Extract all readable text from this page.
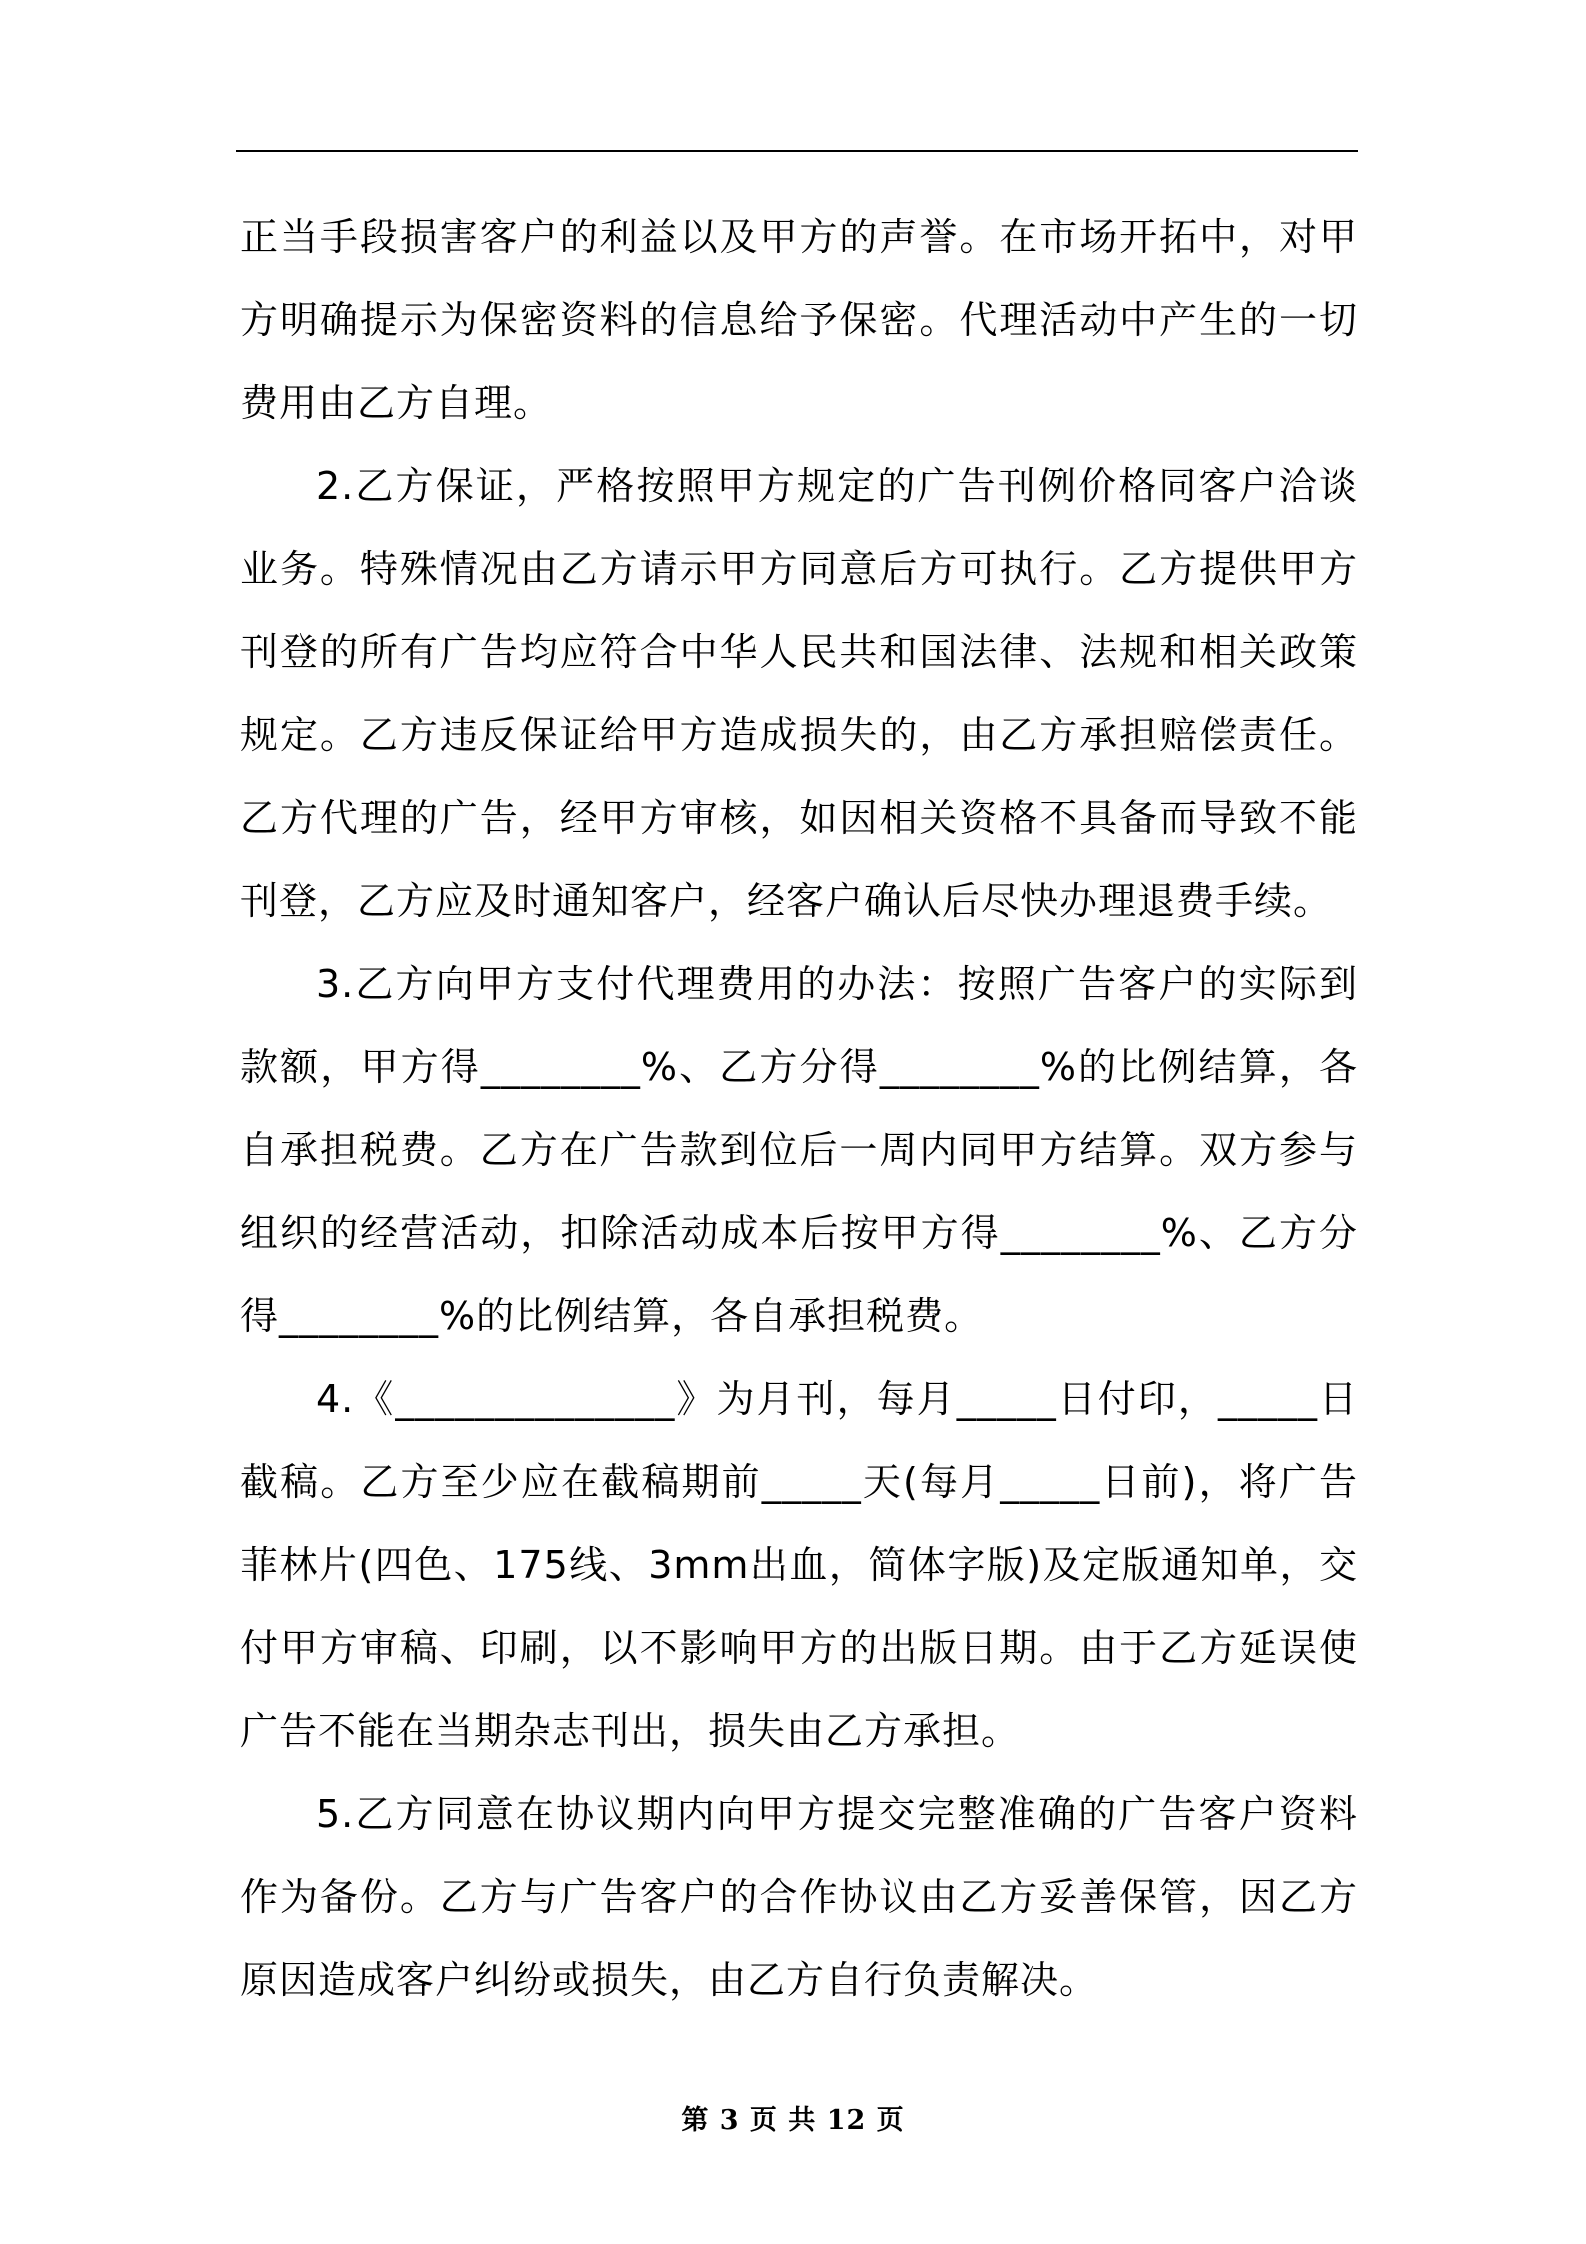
正当手段损害客户的利益以及甲方的声誉。在市场开拓中，对甲方明确提示为保密资料的信息给予保密。代理活动中产生的一切费用由乙方自理。

2.乙方保证，严格按照甲方规定的广告刊例价格同客户洽谈业务。特殊情况由乙方请示甲方同意后方可执行。乙方提供甲方刊登的所有广告均应符合中华人民共和国法律、法规和相关政策规定。乙方违反保证给甲方造成损失的，由乙方承担赔偿责任。乙方代理的广告，经甲方审核，如因相关资格不具备而导致不能刊登，乙方应及时通知客户，经客户确认后尽快办理退费手续。

3.乙方向甲方支付代理费用的办法：按照广告客户的实际到款额，甲方得________%、乙方分得________%的比例结算，各自承担税费。乙方在广告款到位后一周内同甲方结算。双方参与组织的经营活动，扣除活动成本后按甲方得________%、乙方分得________%的比例结算，各自承担税费。

4.《______________》为月刊，每月_____日付印，_____日截稿。乙方至少应在截稿期前_____天(每月_____日前)，将广告菲林片(四色、175线、3mm出血，简体字版)及定版通知单，交付甲方审稿、印刷，以不影响甲方的出版日期。由于乙方延误使广告不能在当期杂志刊出，损失由乙方承担。

5.乙方同意在协议期内向甲方提交完整准确的广告客户资料作为备份。乙方与广告客户的合作协议由乙方妥善保管，因乙方原因造成客户纠纷或损失，由乙方自行负责解决。

第 3 页 共 12 页
